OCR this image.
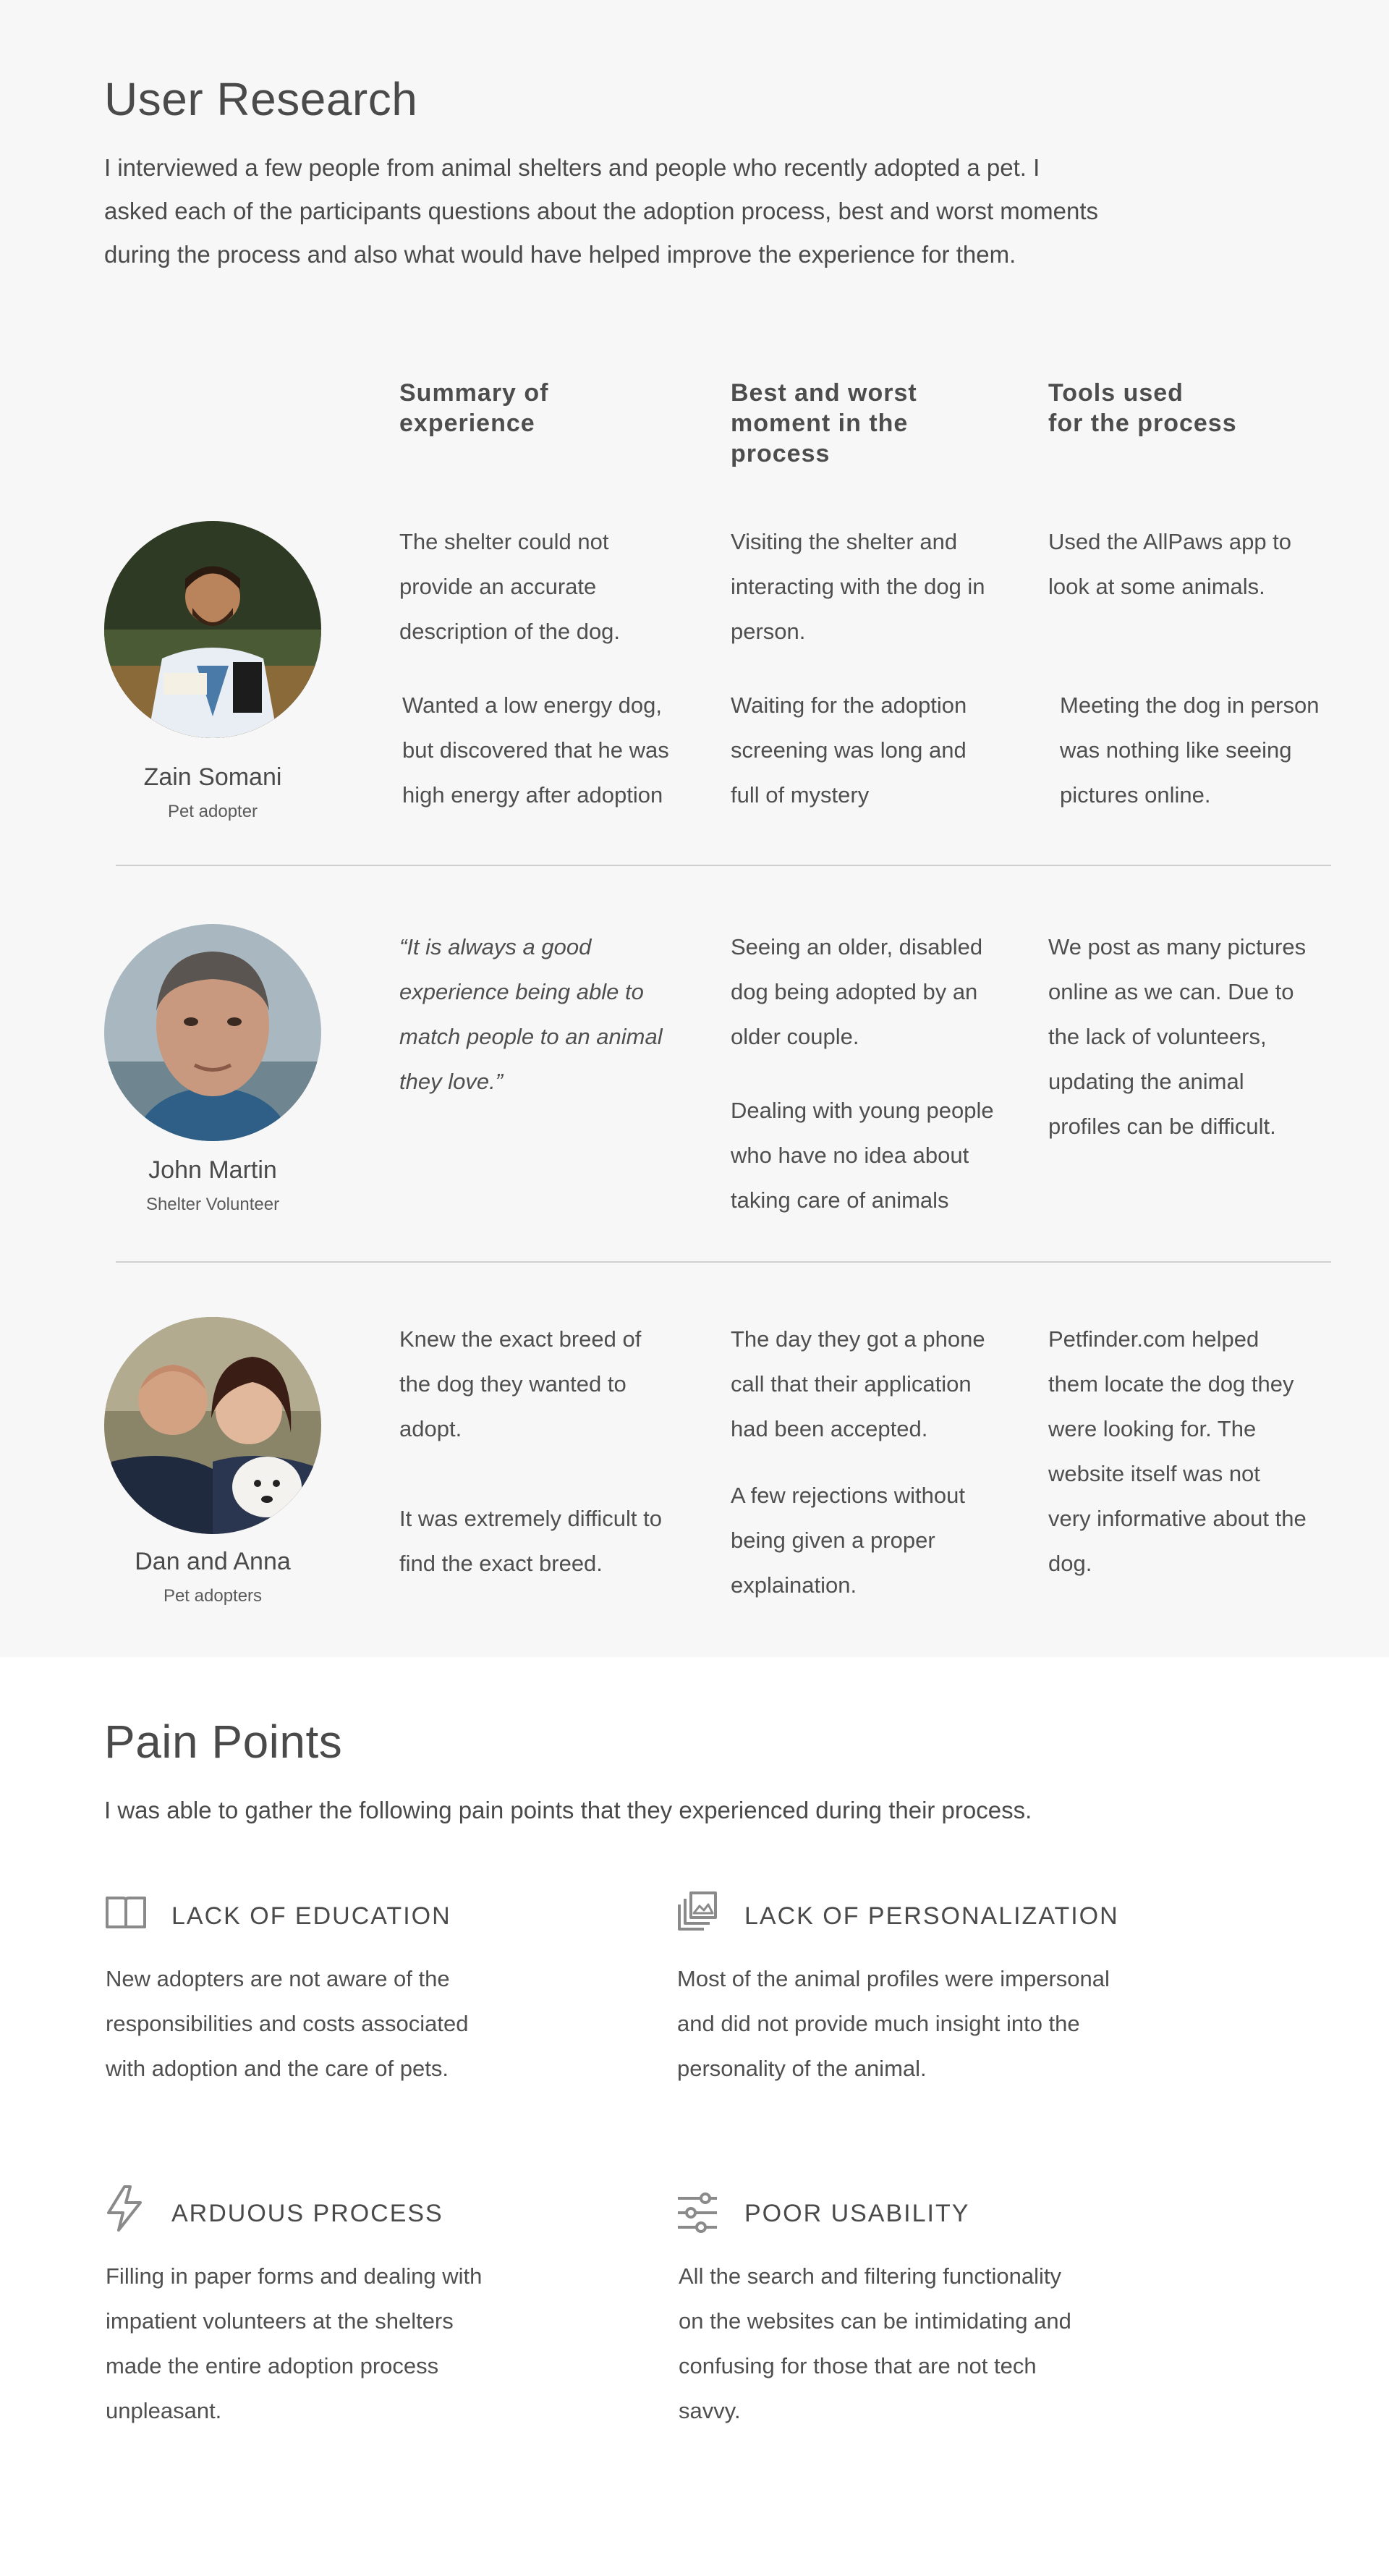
User Research
I interviewed a few people from animal shelters and people who recently adopted a pet. I
asked each of the participants questions about the adoption process, best and worst moments
during the process and also what would have helped improve the experience for them.
Summary of
experience
Best and worst
moment in the
process
Tools used
for the process
Zain Somani
Pet adopter
The shelter could not
provide an accurate
description of the dog.
Wanted a low energy dog,
but discovered that he was
high energy after adoption
Visiting the shelter and
interacting with the dog in
person.
Waiting for the adoption
screening was long and
full of mystery
Used the AllPaws app to
look at some animals.
Meeting the dog in person
was nothing like seeing
pictures online.
John Martin
Shelter Volunteer
“It is always a good
experience being able to
match people to an animal
they love.”
Seeing an older, disabled
dog being adopted by an
older couple.
Dealing with young people
who have no idea about
taking care of animals
We post as many pictures
online as we can. Due to
the lack of volunteers,
updating the animal
profiles can be difficult.
Dan and Anna
Pet adopters
Knew the exact breed of
the dog they wanted to
adopt.
It was extremely difficult to
find the exact breed.
The day they got a phone
call that their application
had been accepted.
A few rejections without
being given a proper
explaination.
Petfinder.com helped
them locate the dog they
were looking for. The
website itself was not
very informative about the
dog.
Pain Points
I was able to gather the following pain points that they experienced during their process.
LACK OF EDUCATION
New adopters are not aware of the
responsibilities and costs associated
with adoption and the care of pets.
LACK OF PERSONALIZATION
Most of the animal profiles were impersonal
and did not provide much insight into the
personality of the animal.
ARDUOUS PROCESS
Filling in paper forms and dealing with
impatient volunteers at the shelters
made the entire adoption process
unpleasant.
POOR USABILITY
All the search and filtering functionality
on the websites can be intimidating and
confusing for those that are not tech
savvy.
